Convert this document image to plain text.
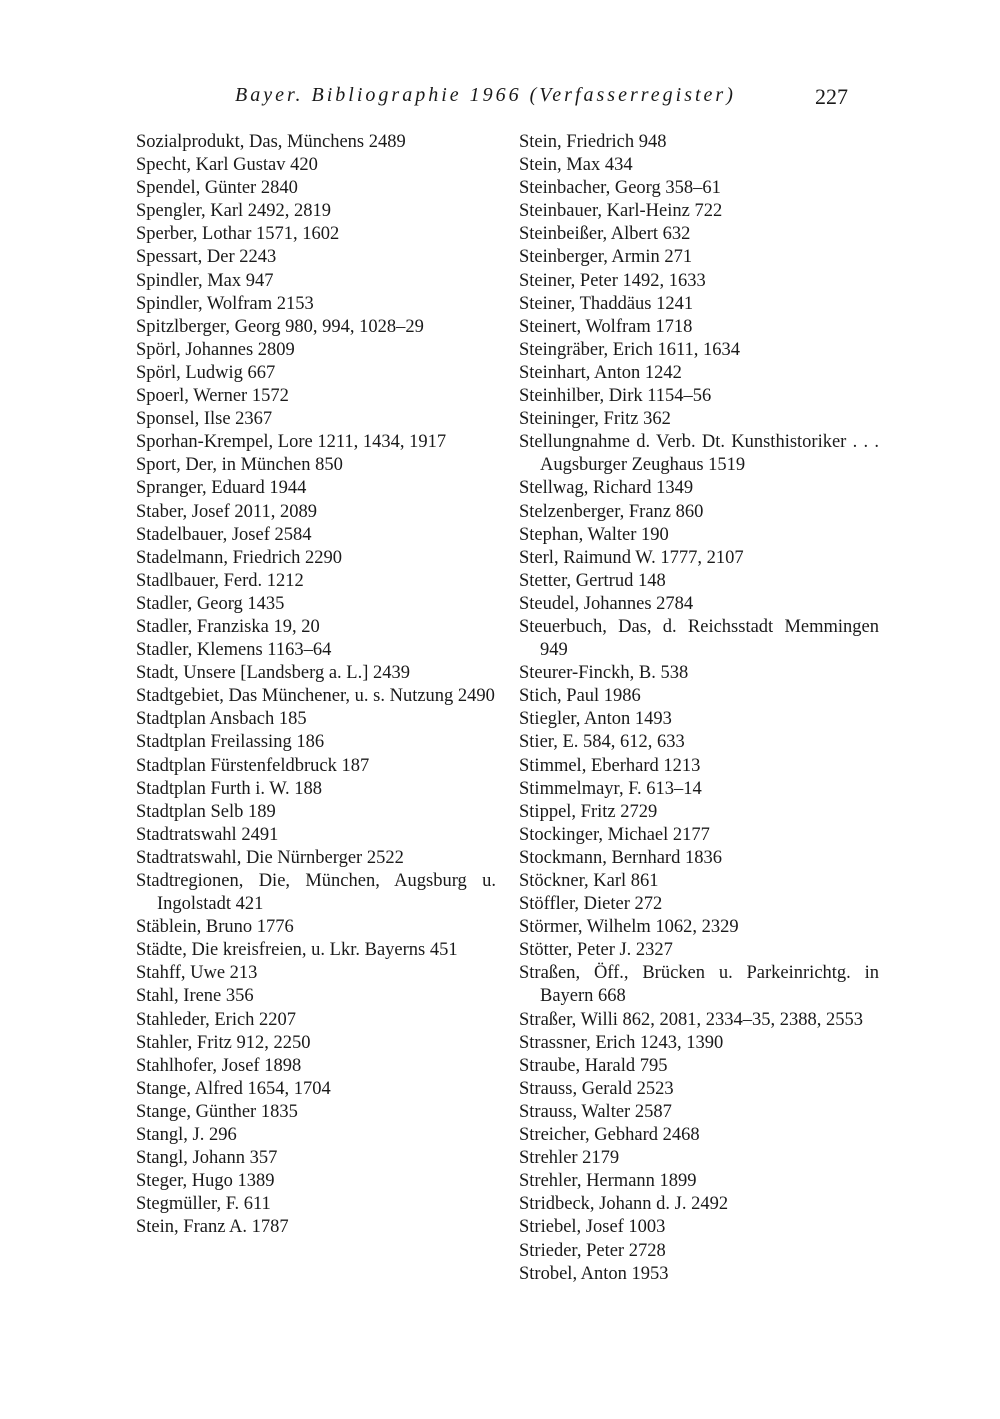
Bayer. Bibliographie 1966 (Verfasserregister)	227
Sozialprodukt, Das, Münchens 2489
Specht, Karl Gustav 420
Spendel, Günter 2840
Spengler, Karl 2492, 2819
Sperber, Lothar 1571, 1602
Spessart, Der 2243
Spindler, Max 947
Spindler, Wolfram 2153
Spitzlberger, Georg 980, 994, 1028–29
Spörl, Johannes 2809
Spörl, Ludwig 667
Spoerl, Werner 1572
Sponsel, Ilse 2367
Sporhan-Krempel, Lore 1211, 1434, 1917
Sport, Der, in München 850
Spranger, Eduard 1944
Staber, Josef 2011, 2089
Stadelbauer, Josef 2584
Stadelmann, Friedrich 2290
Stadlbauer, Ferd. 1212
Stadler, Georg 1435
Stadler, Franziska 19, 20
Stadler, Klemens 1163–64
Stadt, Unsere [Landsberg a. L.] 2439
Stadtgebiet, Das Münchener, u. s. Nutzung 2490
Stadtplan Ansbach 185
Stadtplan Freilassing 186
Stadtplan Fürstenfeldbruck 187
Stadtplan Furth i. W. 188
Stadtplan Selb 189
Stadtratswahl 2491
Stadtratswahl, Die Nürnberger 2522
Stadtregionen, Die, München, Augsburg u. Ingolstadt 421
Stäblein, Bruno 1776
Städte, Die kreisfreien, u. Lkr. Bayerns 451
Stahff, Uwe 213
Stahl, Irene 356
Stahleder, Erich 2207
Stahler, Fritz 912, 2250
Stahlhofer, Josef 1898
Stange, Alfred 1654, 1704
Stange, Günther 1835
Stangl, J. 296
Stangl, Johann 357
Steger, Hugo 1389
Stegmüller, F. 611
Stein, Franz A. 1787
Stein, Friedrich 948
Stein, Max 434
Steinbacher, Georg 358–61
Steinbauer, Karl-Heinz 722
Steinbeißer, Albert 632
Steinberger, Armin 271
Steiner, Peter 1492, 1633
Steiner, Thaddäus 1241
Steinert, Wolfram 1718
Steingräber, Erich 1611, 1634
Steinhart, Anton 1242
Steinhilber, Dirk 1154–56
Steininger, Fritz 362
Stellungnahme d. Verb. Dt. Kunsthistoriker . . . Augsburger Zeughaus 1519
Stellwag, Richard 1349
Stelzenberger, Franz 860
Stephan, Walter 190
Sterl, Raimund W. 1777, 2107
Stetter, Gertrud 148
Steudel, Johannes 2784
Steuerbuch, Das, d. Reichsstadt Memmingen 949
Steurer-Finckh, B. 538
Stich, Paul 1986
Stiegler, Anton 1493
Stier, E. 584, 612, 633
Stimmel, Eberhard 1213
Stimmelmayr, F. 613–14
Stippel, Fritz 2729
Stockinger, Michael 2177
Stockmann, Bernhard 1836
Stöckner, Karl 861
Stöffler, Dieter 272
Störmer, Wilhelm 1062, 2329
Stötter, Peter J. 2327
Straßen, Öff., Brücken u. Parkeinrichtg. in Bayern 668
Straßer, Willi 862, 2081, 2334–35, 2388, 2553
Strassner, Erich 1243, 1390
Straube, Harald 795
Strauss, Gerald 2523
Strauss, Walter 2587
Streicher, Gebhard 2468
Strehler 2179
Strehler, Hermann 1899
Stridbeck, Johann d. J. 2492
Striebel, Josef 1003
Strieder, Peter 2728
Strobel, Anton 1953
